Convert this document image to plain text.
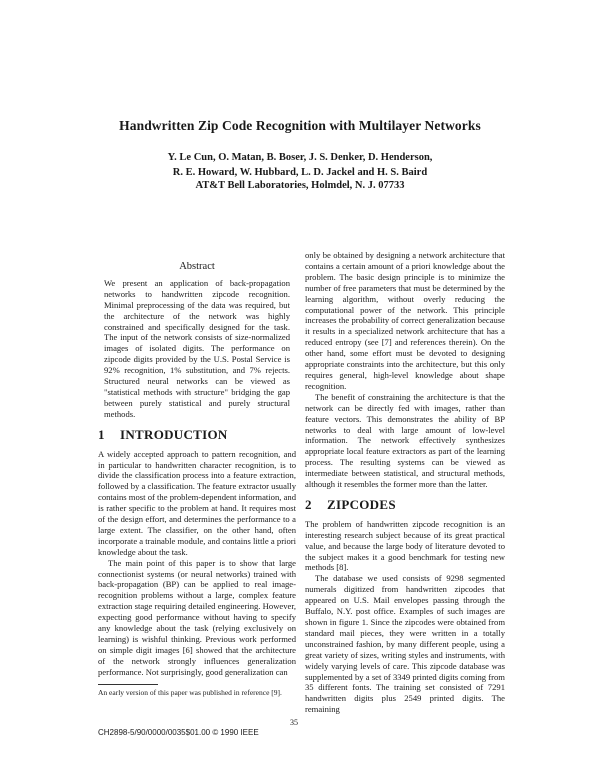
Handwritten Zip Code Recognition with Multilayer Networks
Y. Le Cun, O. Matan, B. Boser, J. S. Denker, D. Henderson,
R. E. Howard, W. Hubbard, L. D. Jackel and H. S. Baird
AT&T Bell Laboratories, Holmdel, N. J. 07733
Abstract

We present an application of back-propagation networks to handwritten zipcode recognition. Minimal preprocessing of the data was required, but the architecture of the network was highly constrained and specifically designed for the task. The input of the network consists of size-normalized images of isolated digits. The performance on zipcode digits provided by the U.S. Postal Service is 92% recognition, 1% substitution, and 7% rejects. Structured neural networks can be viewed as "statistical methods with structure" bridging the gap between purely statistical and purely structural methods.

1 INTRODUCTION

A widely accepted approach to pattern recognition, and in particular to handwritten character recognition, is to divide the classification process into a feature extraction, followed by a classification. The feature extractor usually contains most of the problem-dependent information, and is rather specific to the problem at hand. It requires most of the design effort, and determines the performance to a large extent. The classifier, on the other hand, often incorporate a trainable module, and contains little a priori knowledge about the task.

The main point of this paper is to show that large connectionist systems (or neural networks) trained with back-propagation (BP) can be applied to real image-recognition problems without a large, complex feature extraction stage requiring detailed engineering. However, expecting good performance without having to specify any knowledge about the task (relying exclusively on learning) is wishful thinking. Previous work performed on simple digit images [6] showed that the architecture of the network strongly influences generalization performance. Not surprisingly, good generalization can

An early version of this paper was published in reference [9].

only be obtained by designing a network architecture that contains a certain amount of a priori knowledge about the problem. The basic design principle is to minimize the number of free parameters that must be determined by the learning algorithm, without overly reducing the computational power of the network. This principle increases the probability of correct generalization because it results in a specialized network architecture that has a reduced entropy (see [7] and references therein). On the other hand, some effort must be devoted to designing appropriate constraints into the architecture, but this only requires general, high-level knowledge about shape recognition.

The benefit of constraining the architecture is that the network can be directly fed with images, rather than feature vectors. This demonstrates the ability of BP networks to deal with large amount of low-level information. The network effectively synthesizes appropriate local feature extractors as part of the learning process. The resulting systems can be viewed as intermediate between statistical, and structural methods, although it resembles the former more than the latter.

2 ZIPCODES

The problem of handwritten zipcode recognition is an interesting research subject because of its great practical value, and because the large body of literature devoted to the subject makes it a good benchmark for testing new methods [8].

The database we used consists of 9298 segmented numerals digitized from handwritten zipcodes that appeared on U.S. Mail envelopes passing through the Buffalo, N.Y. post office. Examples of such images are shown in figure 1. Since the zipcodes were obtained from standard mail pieces, they were written in a totally unconstrained fashion, by many different people, using a great variety of sizes, writing styles and instruments, with widely varying levels of care. This zipcode database was supplemented by a set of 3349 printed digits coming from 35 different fonts. The training set consisted of 7291 handwritten digits plus 2549 printed digits. The remaining

35
CH2898-5/90/0000/0035$01.00 © 1990 IEEE
